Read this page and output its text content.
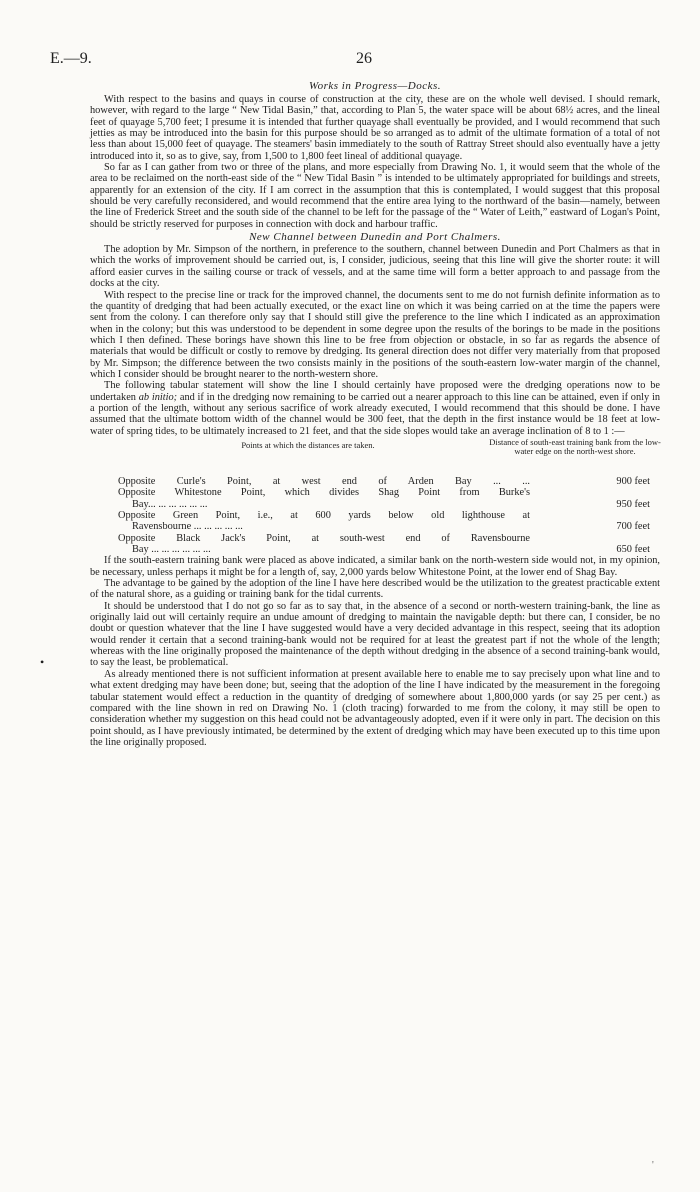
E.—9.	26
•
'
Works in Progress—Docks.

With respect to the basins and quays in course of construction at the city, these are on the whole well devised. I should remark, however, with regard to the large “ New Tidal Basin,” that, according to Plan 5, the water space will be about 68½ acres, and the lineal feet of quayage 5,700 feet; I presume it is intended that further quayage shall eventually be provided, and I would recommend that such jetties as may be introduced into the basin for this purpose should be so arranged as to admit of the ultimate formation of a total of not less than about 15,000 feet of quayage. The steamers' basin immediately to the south of Rattray Street should also eventually have a jetty introduced into it, so as to give, say, from 1,500 to 1,800 feet lineal of additional quayage.

So far as I can gather from two or three of the plans, and more especially from Drawing No. 1, it would seem that the whole of the area to be reclaimed on the north-east side of the “ New Tidal Basin ” is intended to be ultimately appropriated for buildings and streets, apparently for an extension of the city. If I am correct in the assumption that this is contemplated, I would suggest that this proposal should be very carefully reconsidered, and would recommend that the entire area lying to the northward of the basin—namely, between the line of Frederick Street and the south side of the channel to be left for the passage of the “ Water of Leith,” eastward of Logan's Point, should be strictly reserved for purposes in connection with dock and harbour traffic.

New Channel between Dunedin and Port Chalmers.

The adoption by Mr. Simpson of the northern, in preference to the southern, channel between Dunedin and Port Chalmers as that in which the works of improvement should be carried out, is, I consider, judicious, seeing that this line will give the shorter route: it will afford easier curves in the sailing course or track of vessels, and at the same time will form a better approach to and passage from the docks at the city.

With respect to the precise line or track for the improved channel, the documents sent to me do not furnish definite information as to the quantity of dredging that had been actually executed, or the exact line on which it was being carried on at the time the papers were sent from the colony. I can therefore only say that I should still give the preference to the line which I indicated as an approximation when in the colony; but this was understood to be dependent in some degree upon the results of the borings to be made in the positions which I then defined. These borings have shown this line to be free from objection or obstacle, in so far as regards the absence of materials that would be difficult or costly to remove by dredging. Its general direction does not differ very materially from that proposed by Mr. Simpson; the difference between the two consists mainly in the positions of the south-eastern low-water margin of the channel, which I consider should be brought nearer to the north-western shore.

The following tabular statement will show the line I should certainly have proposed were the dredging operations now to be undertaken ab initio; and if in the dredging now remaining to be carried out a nearer approach to this line can be attained, even if only in a portion of the length, without any serious sacrifice of work already executed, I would recommend that this should be done. I have assumed that the ultimate bottom width of the channel would be 300 feet, that the depth in the first instance would be 18 feet at low-water of spring tides, to be ultimately increased to 21 feet, and that the side slopes would take an average inclination of 8 to 1 :—

Points at which the distances are taken.	Distance of south-east training bank from the low-water edge on the north-west shore.
Opposite Curle's Point, at west end of Arden Bay ... ...	900 feet
Opposite Whitestone Point, which divides Shag Point from Burke's
Bay... ... ... ... ... ...	950 feet
Opposite Green Point, i.e., at 600 yards below old lighthouse at
Ravensbourne ... ... ... ... ...	700 feet
Opposite Black Jack's Point, at south-west end of Ravensbourne
Bay ... ... ... ... ... ...	650 feet

If the south-eastern training bank were placed as above indicated, a similar bank on the north-western side would not, in my opinion, be necessary, unless perhaps it might be for a length of, say, 2,000 yards below Whitestone Point, at the lower end of Shag Bay.

The advantage to be gained by the adoption of the line I have here described would be the utilization to the greatest practicable extent of the natural shore, as a guiding or training bank for the tidal currents.

It should be understood that I do not go so far as to say that, in the absence of a second or north-western training-bank, the line as originally laid out will certainly require an undue amount of dredging to maintain the navigable depth: but there can, I consider, be no doubt or question whatever that the line I have suggested would have a very decided advantage in this respect, seeing that its adoption would render it certain that a second training-bank would not be required for at least the greatest part if not the whole of the length; whereas with the line originally proposed the maintenance of the depth without dredging in the absence of a second training-bank would, to say the least, be problematical.

As already mentioned there is not sufficient information at present available here to enable me to say precisely upon what line and to what extent dredging may have been done; but, seeing that the adoption of the line I have indicated by the measurement in the foregoing tabular statement would effect a reduction in the quantity of dredging of somewhere about 1,800,000 yards (or say 25 per cent.) as compared with the line shown in red on Drawing No. 1 (cloth tracing) forwarded to me from the colony, it may still be open to consideration whether my suggestion on this head could not be advantageously adopted, even if it were only in part. The decision on this point should, as I have previously intimated, be determined by the extent of dredging which may have been executed up to this time upon the line originally proposed.
